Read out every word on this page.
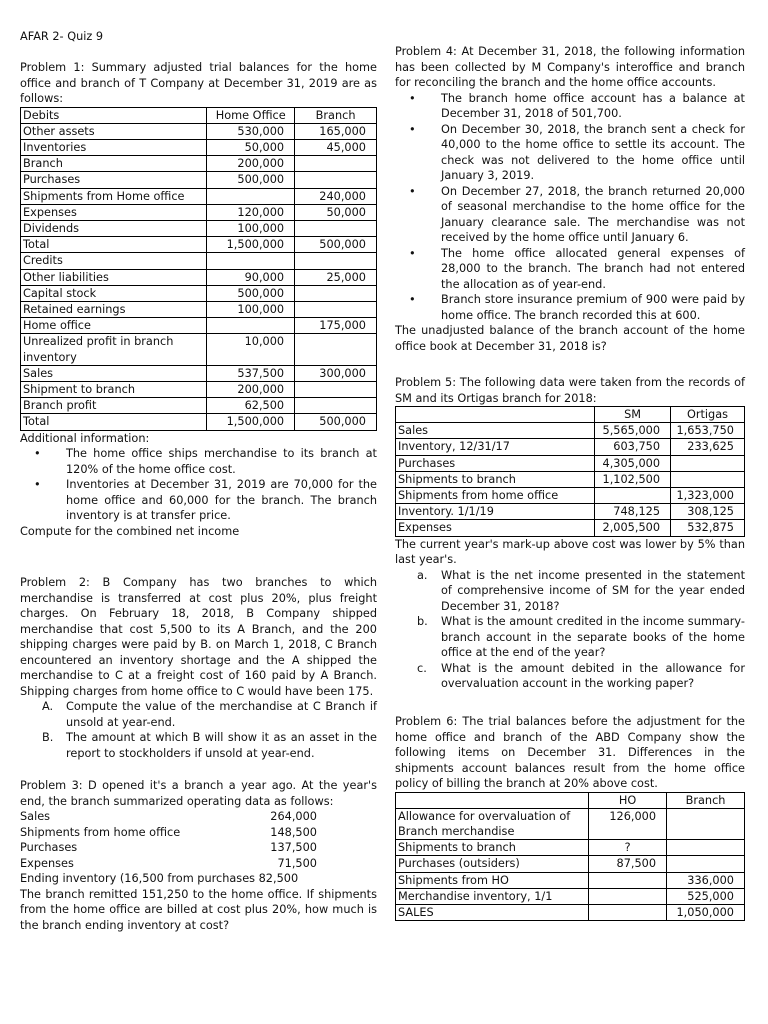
AFAR 2- Quiz 9

Problem 1: Summary adjusted trial balances for the home office and branch of T Company at December 31, 2019 are as follows:

Debits	Home Office	Branch
Other assets	530,000	165,000
Inventories	50,000	45,000
Branch	200,000	
Purchases	500,000	
Shipments from Home office		240,000
Expenses	120,000	50,000
Dividends	100,000	
Total	1,500,000	500,000
Credits		
Other liabilities	90,000	25,000
Capital stock	500,000	
Retained earnings	100,000	
Home office		175,000
Unrealized profit in branch inventory	10,000	
Sales	537,500	300,000
Shipment to branch	200,000	
Branch profit	62,500	
Total	1,500,000	500,000

Additional information:

• The home office ships merchandise to its branch at 120% of the home office cost.
• Inventories at December 31, 2019 are 70,000 for the home office and 60,000 for the branch. The branch inventory is at transfer price.

Compute for the combined net income

Problem 2: B Company has two branches to which merchandise is transferred at cost plus 20%, plus freight charges. On February 18, 2018, B Company shipped merchandise that cost 5,500 to its A Branch, and the 200 shipping charges were paid by B. on March 1, 2018, C Branch encountered an inventory shortage and the A shipped the merchandise to C at a freight cost of 160 paid by A Branch. Shipping charges from home office to C would have been 175.

A. Compute the value of the merchandise at C Branch if unsold at year-end.
B. The amount at which B will show it as an asset in the report to stockholders if unsold at year-end.

Problem 3: D opened it's a branch a year ago. At the year's end, the branch summarized operating data as follows:

Sales	264,000
Shipments from home office	148,500
Purchases	137,500
Expenses	71,500

Ending inventory (16,500 from purchases 82,500

The branch remitted 151,250 to the home office. If shipments from the home office are billed at cost plus 20%, how much is the branch ending inventory at cost?

Problem 4: At December 31, 2018, the following information has been collected by M Company's interoffice and branch for reconciling the branch and the home office accounts.

• The branch home office account has a balance at December 31, 2018 of 501,700.
• On December 30, 2018, the branch sent a check for 40,000 to the home office to settle its account. The check was not delivered to the home office until January 3, 2019.
• On December 27, 2018, the branch returned 20,000 of seasonal merchandise to the home office for the January clearance sale. The merchandise was not received by the home office until January 6.
• The home office allocated general expenses of 28,000 to the branch. The branch had not entered the allocation as of year-end.
• Branch store insurance premium of 900 were paid by home office. The branch recorded this at 600.

The unadjusted balance of the branch account of the home office book at December 31, 2018 is?

Problem 5: The following data were taken from the records of SM and its Ortigas branch for 2018:

	SM	Ortigas
Sales	5,565,000	1,653,750
Inventory, 12/31/17	603,750	233,625
Purchases	4,305,000	
Shipments to branch	1,102,500	
Shipments from home office		1,323,000
Inventory. 1/1/19	748,125	308,125
Expenses	2,005,500	532,875

The current year's mark-up above cost was lower by 5% than last year's.

a. What is the net income presented in the statement of comprehensive income of SM for the year ended December 31, 2018?
b. What is the amount credited in the income summary-branch account in the separate books of the home office at the end of the year?
c. What is the amount debited in the allowance for overvaluation account in the working paper?

Problem 6: The trial balances before the adjustment for the home office and branch of the ABD Company show the following items on December 31. Differences in the shipments account balances result from the home office policy of billing the branch at 20% above cost.

	HO	Branch
Allowance for overvaluation of Branch merchandise	126,000	
Shipments to branch	?	
Purchases (outsiders)	87,500	
Shipments from HO		336,000
Merchandise inventory, 1/1		525,000
SALES		1,050,000
